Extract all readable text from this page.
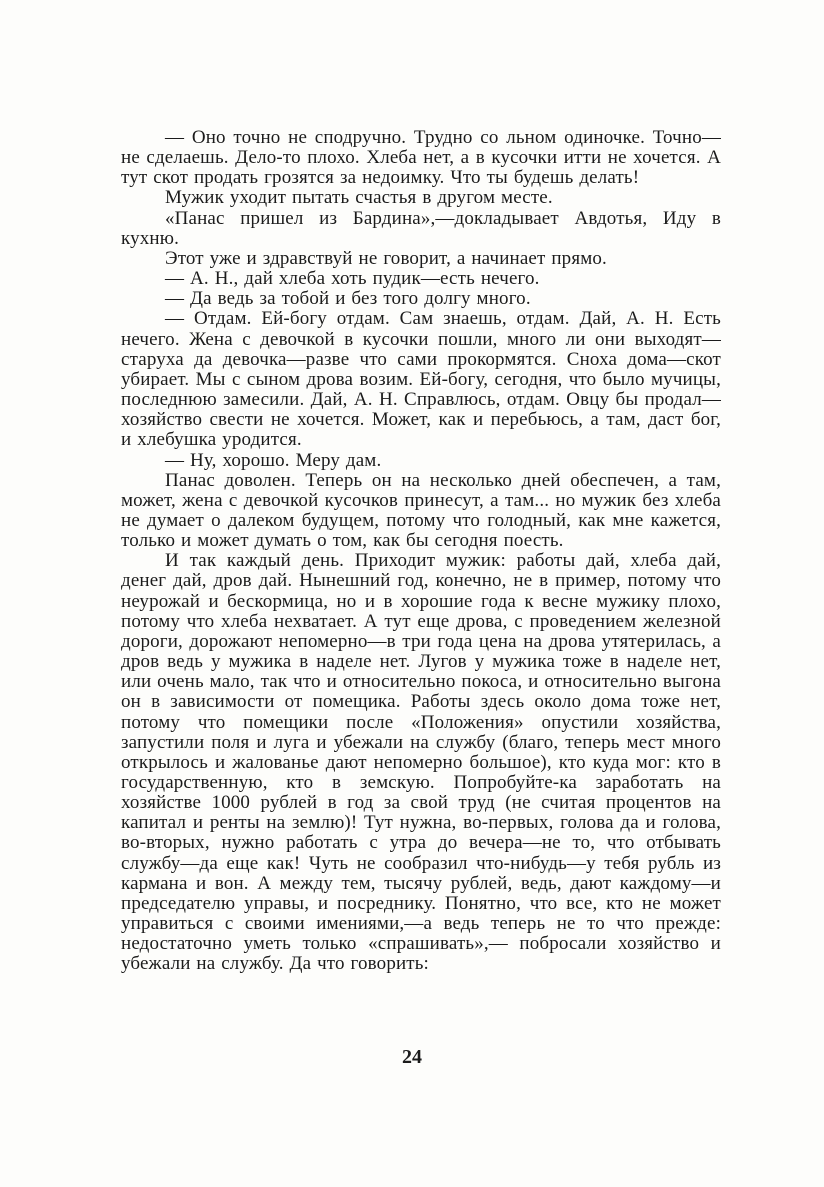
— Оно точно не сподручно. Трудно со льном одиночке. Точно—не сделаешь. Дело-то плохо. Хлеба нет, а в кусочки итти не хочется. А тут скот продать грозятся за недоимку. Что ты будешь делать!

Мужик уходит пытать счастья в другом месте.

«Панас пришел из Бардина»,—докладывает Авдотья, Иду в кухню.

Этот уже и здравствуй не говорит, а начинает прямо.

— А. Н., дай хлеба хоть пудик—есть нечего.

— Да ведь за тобой и без того долгу много.

— Отдам. Ей-богу отдам. Сам знаешь, отдам. Дай, А. Н. Есть нечего. Жена с девочкой в кусочки пошли, много ли они выходят—старуха да девочка—разве что сами прокормятся. Сноха дома—скот убирает. Мы с сыном дрова возим. Ей-богу, сегодня, что было мучицы, последнюю замесили. Дай, А. Н. Справлюсь, отдам. Овцу бы продал—хозяйство свести не хочется. Может, как и перебьюсь, а там, даст бог, и хлебушка уродится.

— Ну, хорошо. Меру дам.

Панас доволен. Теперь он на несколько дней обеспечен, а там, может, жена с девочкой кусочков принесут, а там... но мужик без хлеба не думает о далеком будущем, потому что голодный, как мне кажется, только и может думать о том, как бы сегодня поесть.

И так каждый день. Приходит мужик: работы дай, хлеба дай, денег дай, дров дай. Нынешний год, конечно, не в пример, потому что неурожай и бескормица, но и в хорошие года к весне мужику плохо, потому что хлеба нехватает. А тут еще дрова, с проведением железной дороги, дорожают непомерно—в три года цена на дрова утятерилась, а дров ведь у мужика в наделе нет. Лугов у мужика тоже в наделе нет, или очень мало, так что и относительно покоса, и относительно выгона он в зависимости от помещика. Работы здесь около дома тоже нет, потому что помещики после «Положения» опустили хозяйства, запустили поля и луга и убежали на службу (благо, теперь мест много открылось и жалованье дают непомерно большое), кто куда мог: кто в государственную, кто в земскую. Попробуйте-ка заработать на хозяйстве 1000 рублей в год за свой труд (не считая процентов на капитал и ренты на землю)! Тут нужна, во-первых, голова да и голова, во-вторых, нужно работать с утра до вечера—не то, что отбывать службу—да еще как! Чуть не сообразил что-нибудь—у тебя рубль из кармана и вон. А между тем, тысячу рублей, ведь, дают каждому—и председателю управы, и посреднику. Понятно, что все, кто не может управиться с своими имениями,—а ведь теперь не то что прежде: недостаточно уметь только «спрашивать»,— побросали хозяйство и убежали на службу. Да что говорить:

24
